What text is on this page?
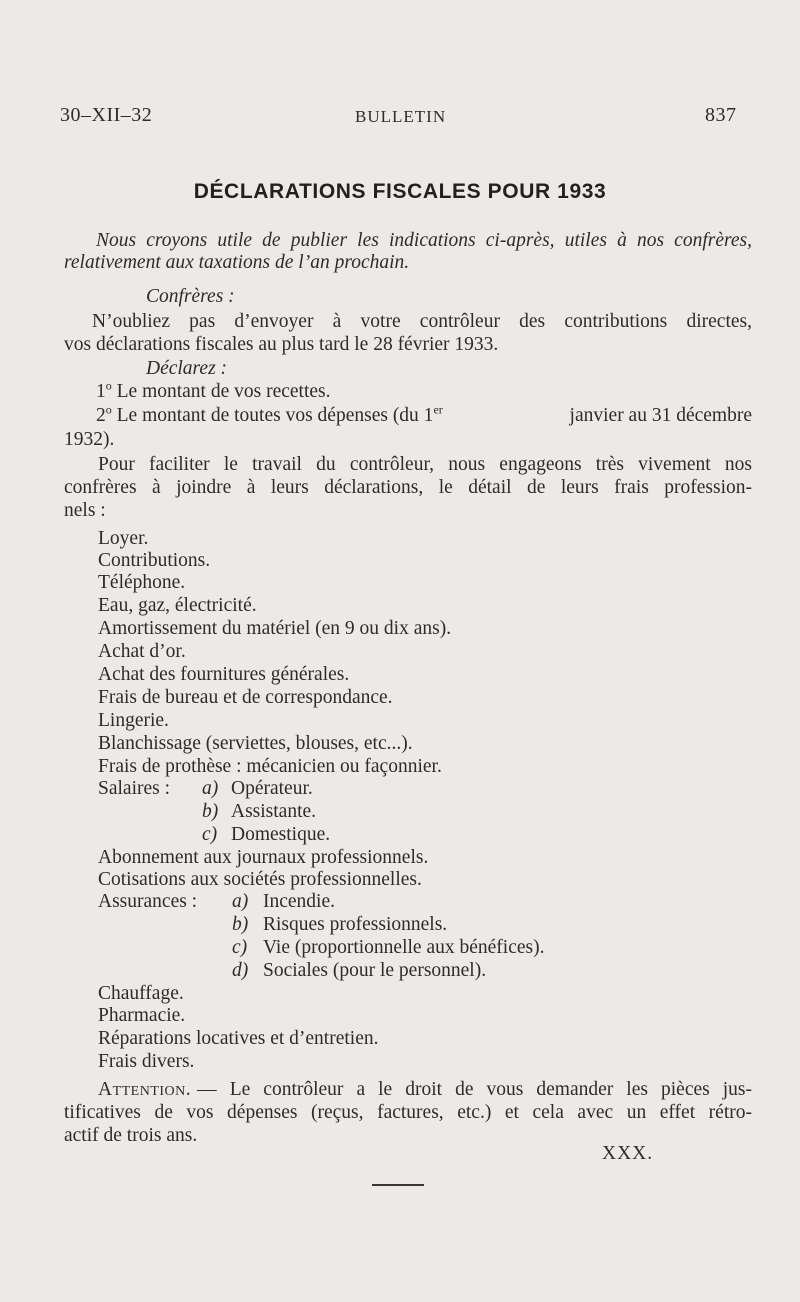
30–XII–32	BULLETIN	837
DÉCLARATIONS FISCALES POUR 1933
Nous croyons utile de publier les indications ci-après, utiles à nos confrères,
relativement aux taxations de l’an prochain.
Confrères :
N’oubliez pas d’envoyer à votre contrôleur des contributions directes,
vos déclarations fiscales au plus tard le 28 février 1933.
Déclarez :
1$^o$ Le montant de vos recettes.
2$^o$ Le montant de toutes vos dépenses (du 1er	janvier au 31 décembre
1932).
Pour faciliter le travail du contrôleur, nous engageons très vivement nos
confrères à joindre à leurs déclarations, le détail de leurs frais profession-
nels :
Loyer.
Contributions.
Téléphone.
Eau, gaz, électricité.
Amortissement du matériel (en 9 ou dix ans).
Achat d’or.
Achat des fournitures générales.
Frais de bureau et de correspondance.
Lingerie.
Blanchissage (serviettes, blouses, etc...).
Frais de prothèse : mécanicien ou façonnier.
Salaires : a) Opérateur.
b) Assistante.
c) Domestique.
Abonnement aux journaux professionnels.
Cotisations aux sociétés professionnelles.
Assurances : a) Incendie.
b) Risques professionnels.
c) Vie (proportionnelle aux bénéfices).
d) Sociales (pour le personnel).
Chauffage.
Pharmacie.
Réparations locatives et d’entretien.
Frais divers.
Attention. — Le contrôleur a le droit de vous demander les pièces jus-
tificatives de vos dépenses (reçus, factures, etc.) et cela avec un effet rétro-
actif de trois ans.
XXX.
